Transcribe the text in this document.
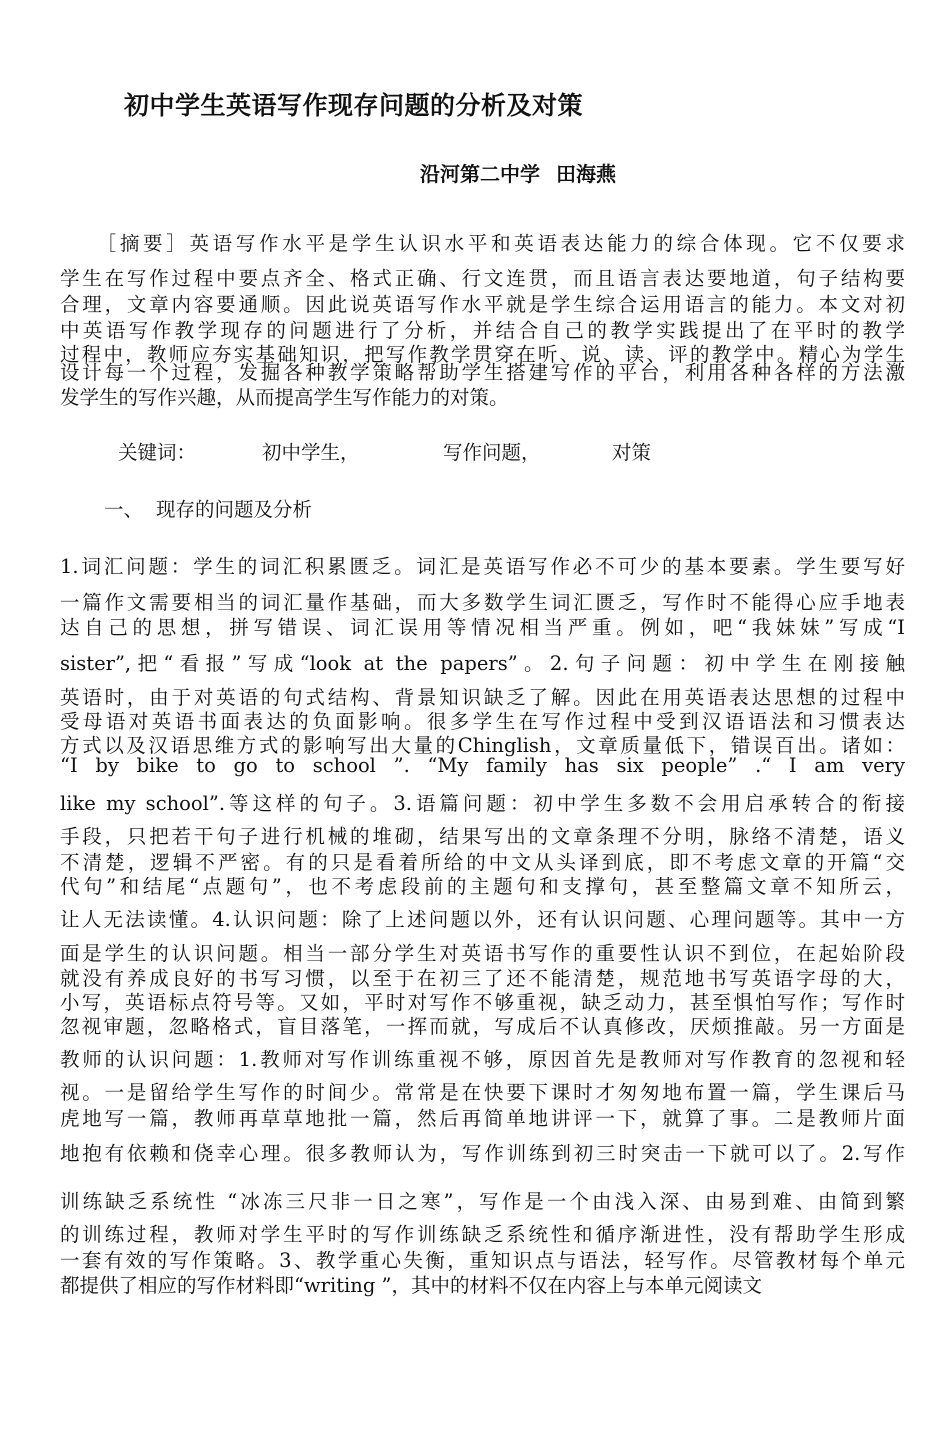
初中学生英语写作现存问题的分析及对策
沿河第二中学 田海燕
　　［摘要］英语写作水平是学生认识水平和英语表达能力的综合体现。它不仅要求
学生在写作过程中要点齐全、格式正确、行文连贯，而且语言表达要地道，句子结构要
合理，文章内容要通顺。因此说英语写作水平就是学生综合运用语言的能力。本文对初
中英语写作教学现存的问题进行了分析，并结合自己的教学实践提出了在平时的教学
过程中，教师应夯实基础知识，把写作教学贯穿在听、说、读、评的教学中。精心为学生
设计每一个过程，发掘各种教学策略帮助学生搭建写作的平台，利用各种各样的方法激
发学生的写作兴趣，从而提高学生写作能力的对策。
关键词：	初中学生，	写作问题，	对策
一、 现存的问题及分析
1.词汇问题：学生的词汇积累匮乏。词汇是英语写作必不可少的基本要素。学生要写好
一篇作文需要相当的词汇量作基础，而大多数学生词汇匮乏，写作时不能得心应手地表
达自己的思想，拼写错误、词汇误用等情况相当严重。例如，吧“我妹妹”写成“I
sister”,把“看报”写成“look at the papers”。2.句子问题：初中学生在刚接触
英语时，由于对英语的句式结构、背景知识缺乏了解。因此在用英语表达思想的过程中
受母语对英语书面表达的负面影响。很多学生在写作过程中受到汉语语法和习惯表达
方式以及汉语思维方式的影响写出大量的Chinglish，文章质量低下，错误百出。诸如：
“I by bike to go to school ”. “My family has six people” .“ I am very
like my school”.等这样的句子。3.语篇问题：初中学生多数不会用启承转合的衔接
手段，只把若干句子进行机械的堆砌，结果写出的文章条理不分明，脉络不清楚，语义
不清楚，逻辑不严密。有的只是看着所给的中文从头译到底，即不考虑文章的开篇“交
代句”和结尾“点题句”，也不考虑段前的主题句和支撑句，甚至整篇文章不知所云，
让人无法读懂。4.认识问题：除了上述问题以外，还有认识问题、心理问题等。其中一方
面是学生的认识问题。相当一部分学生对英语书写作的重要性认识不到位，在起始阶段
就没有养成良好的书写习惯，以至于在初三了还不能清楚，规范地书写英语字母的大，
小写，英语标点符号等。又如，平时对写作不够重视，缺乏动力，甚至惧怕写作；写作时
忽视审题，忽略格式，盲目落笔，一挥而就，写成后不认真修改，厌烦推敲。另一方面是
教师的认识问题：1.教师对写作训练重视不够，原因首先是教师对写作教育的忽视和轻
视。一是留给学生写作的时间少。常常是在快要下课时才匆匆地布置一篇，学生课后马
虎地写一篇，教师再草草地批一篇，然后再简单地讲评一下，就算了事。二是教师片面
地抱有依赖和侥幸心理。很多教师认为，写作训练到初三时突击一下就可以了。2.写作
训练缺乏系统性 “冰冻三尺非一日之寒”，写作是一个由浅入深、由易到难、由简到繁
的训练过程，教师对学生平时的写作训练缺乏系统性和循序渐进性，没有帮助学生形成
一套有效的写作策略。3、教学重心失衡，重知识点与语法，轻写作。尽管教材每个单元
都提供了相应的写作材料即“writing ”，其中的材料不仅在内容上与本单元阅读文
